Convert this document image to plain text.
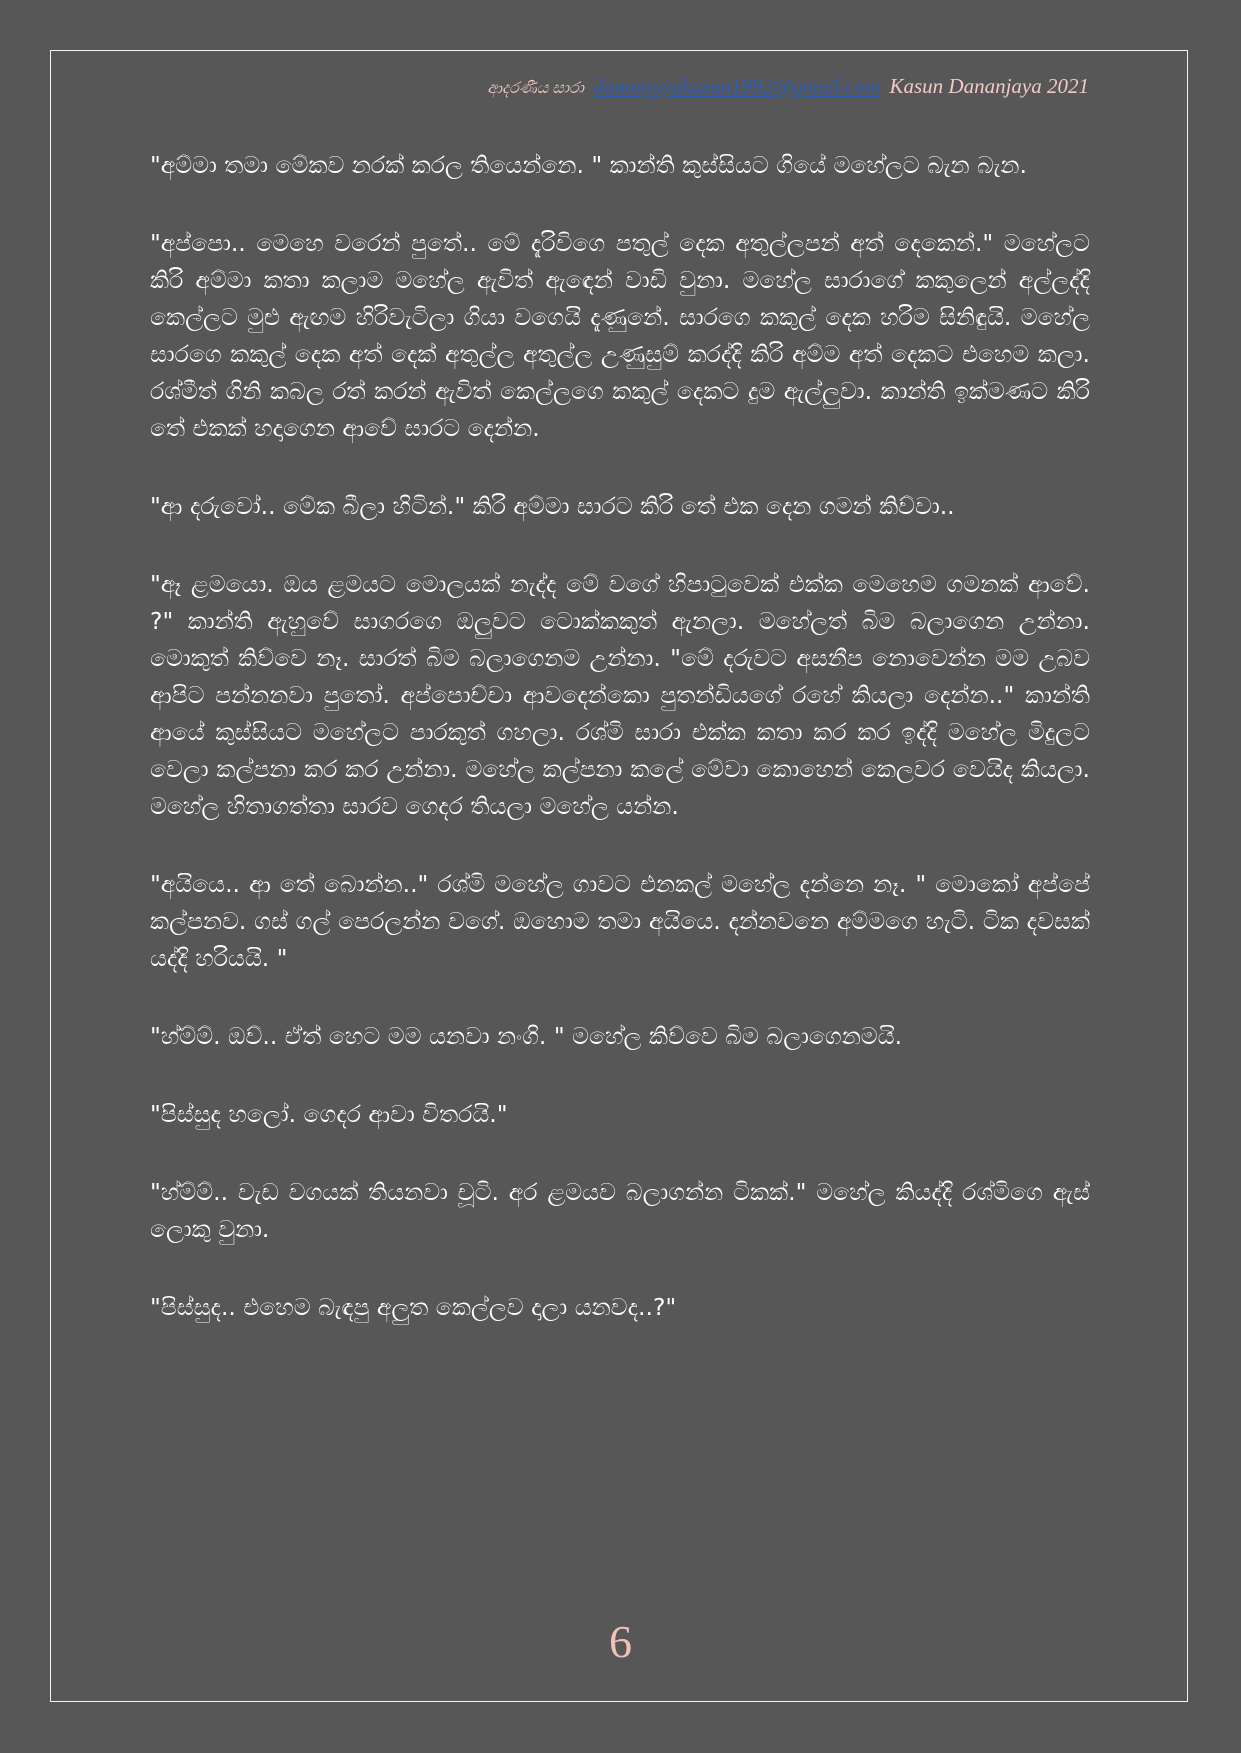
ආදරණීය සාරා dananjayakasun1992@gmail.com Kasun Dananjaya 2021

"අම්මා තමා මේකව නරක් කරල තියෙන්නෙ. " කාන්ති කුස්සියට ගියේ මහේලට බැන බැන.

"අප්පො.. මෙහෙ වරෙන් පුතේ.. මේ දැරිවිගෙ පතුල් දෙක අතුල්ලපන් අත් දෙකෙන්." මහේලට කිරි අම්මා කතා කලාම මහේල ඇවිත් ඇඳෙන් වාඩි වුනා. මහේල සාරාගේ කකුලෙන් අල්ලද්දි කෙල්ලට මුළු ඇඟම හිරිවැටිලා ගියා වගෙයි දැණුනේ. සාරගෙ කකුල් දෙක හරිම සිනිඳුයි. මහේල සාරගෙ කකුල් දෙක අත් දෙක් අතුල්ල අතුල්ල උණුසුම් කරද්දි කිරි අම්ම අත් දෙකට එහෙම කලා. රශ්මීත් ගිනි කබල රත් කරන් ඇවිත් කෙල්ලගෙ කකුල් දෙකට දුම ඇල්ලුවා. කාන්ති ඉක්මණට කිරි තේ එකක් හදාගෙන ආවේ සාරට දෙන්න.

"ආ දරුවෝ.. මේක බීලා හිටින්." කිරි අම්මා සාරට කිරි තේ එක දෙන ගමන් කිව්වා..

"ඈ ළමයො. ඔය ළමයට මොලයක් නැද්ද මේ වගේ හිපාටුවෙක් එක්ක මෙහෙම ගමනක් ආවේ. ?" කාන්ති ඇහුවේ සාගරගෙ ඔලුවට ටොක්කකුත් ඇනලා. මහේලත් බිම බලාගෙන උන්නා. මොකුත් කිව්වෙ නෑ. සාරත් බිම බලාගෙනම උන්නා. "මේ දරුවට අසනීප නොවෙන්න මම උබව ආපිට පන්නනවා පුතෝ. අප්පොච්චා ආවදෙන්කො පුතන්ඩියගේ රහේ කියලා දෙන්න.." කාන්ති ආයේ කුස්සියට මහේලට පාරකුත් ගහලා. රශ්මි සාරා එක්ක කතා කර කර ඉද්දි මහේල මිදුලට වෙලා කල්පනා කර කර උන්නා. මහේල කල්පනා කලේ මේවා කොහෙන් කෙලවර වෙයිද කියලා. මහේල හිතාගත්තා සාරව ගෙදර තියලා මහේල යන්න.

"අයියෙ.. ආ තේ බොන්න.." රශ්මි මහේල ගාවට එනකල් මහේල දන්නෙ නෑ. " මොකෝ අප්පේ කල්පනව. ගස් ගල් පෙරලන්න වගේ. ඔහොම තමා අයියෙ. දන්නවනෙ අම්මගෙ හැටි. ටික දවසක් යද්දි හරියයි. "

"හ්ම්ම්. ඔව්.. ඒත් හෙට මම යනවා නංගි. " මහේල කිව්වෙ බිම බලාගෙනමයි.

"පිස්සුද හලෝ. ගෙදර ආවා විතරයි."

"හ්ම්ම්.. වැඩ වගයක් තියනවා චූටි. අර ළමයව බලාගන්න ටිකක්." මහේල කියද්දි රශ්මිගෙ ඇස් ලොකු වුනා.

"පිස්සුද.. එහෙම බැඳපු අලුත කෙල්ලව දාලා යනවද..?"

6
